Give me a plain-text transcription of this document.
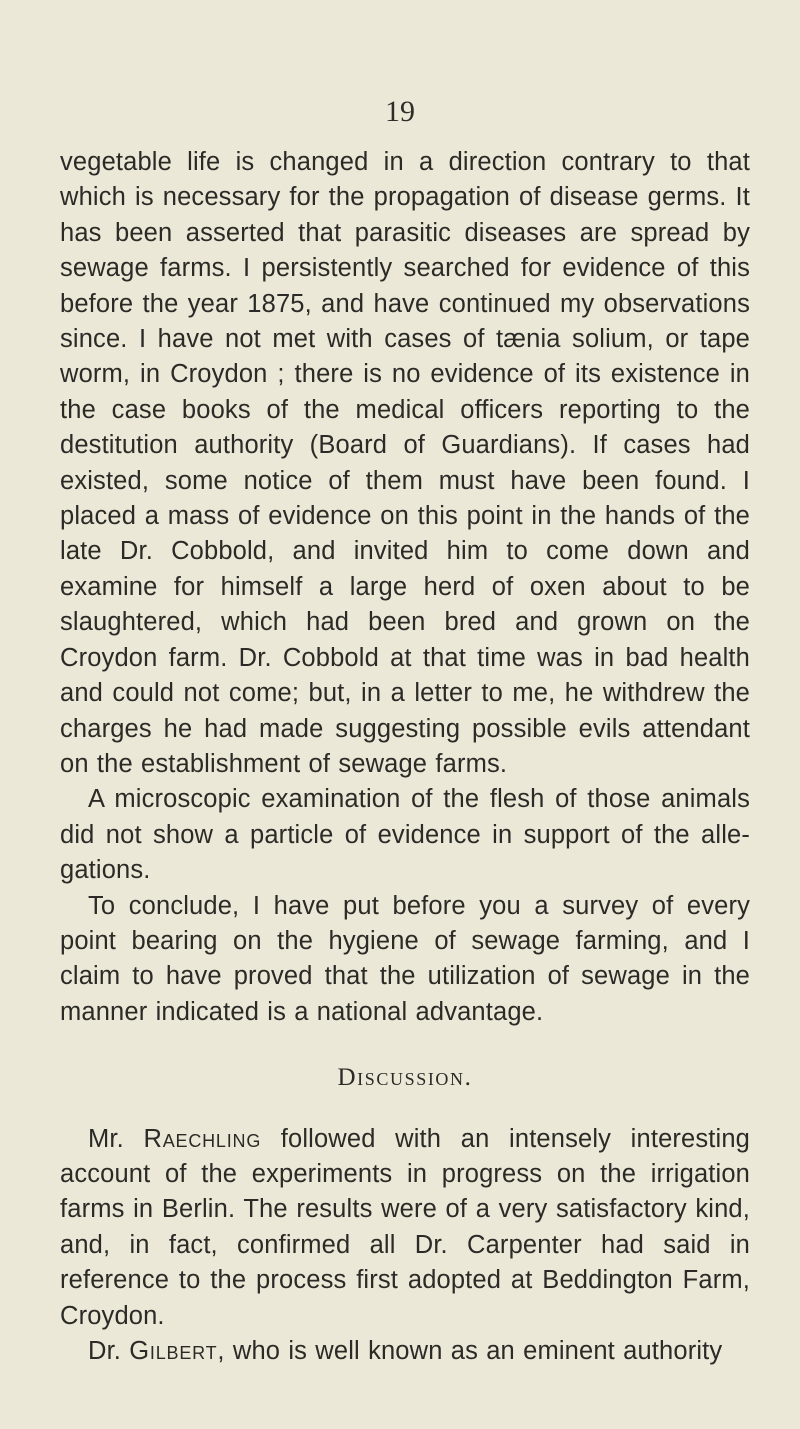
19

vegetable life is changed in a direction contrary to that which is necessary for the propagation of disease germs. It has been asserted that parasitic diseases are spread by sewage farms. I persistently searched for evidence of this before the year 1875, and have continued my observations since. I have not met with cases of tænia solium, or tape worm, in Croydon ; there is no evidence of its existence in the case books of the medical officers reporting to the destitution authority (Board of Guardians). If cases had existed, some notice of them must have been found. I placed a mass of evidence on this point in the hands of the late Dr. Cobbold, and invited him to come down and examine for himself a large herd of oxen about to be slaughtered, which had been bred and grown on the Croydon farm. Dr. Cobbold at that time was in bad health and could not come; but, in a letter to me, he withdrew the charges he had made suggesting possible evils attendant on the establishment of sewage farms.

A microscopic examination of the flesh of those animals did not show a particle of evidence in support of the alle-gations.

To conclude, I have put before you a survey of every point bearing on the hygiene of sewage farming, and I claim to have proved that the utilization of sewage in the manner indicated is a national advantage.

Discussion.

Mr. Raechling followed with an intensely interesting account of the experiments in progress on the irrigation farms in Berlin. The results were of a very satisfactory kind, and, in fact, confirmed all Dr. Carpenter had said in reference to the process first adopted at Beddington Farm, Croydon.

Dr. Gilbert, who is well known as an eminent authority
